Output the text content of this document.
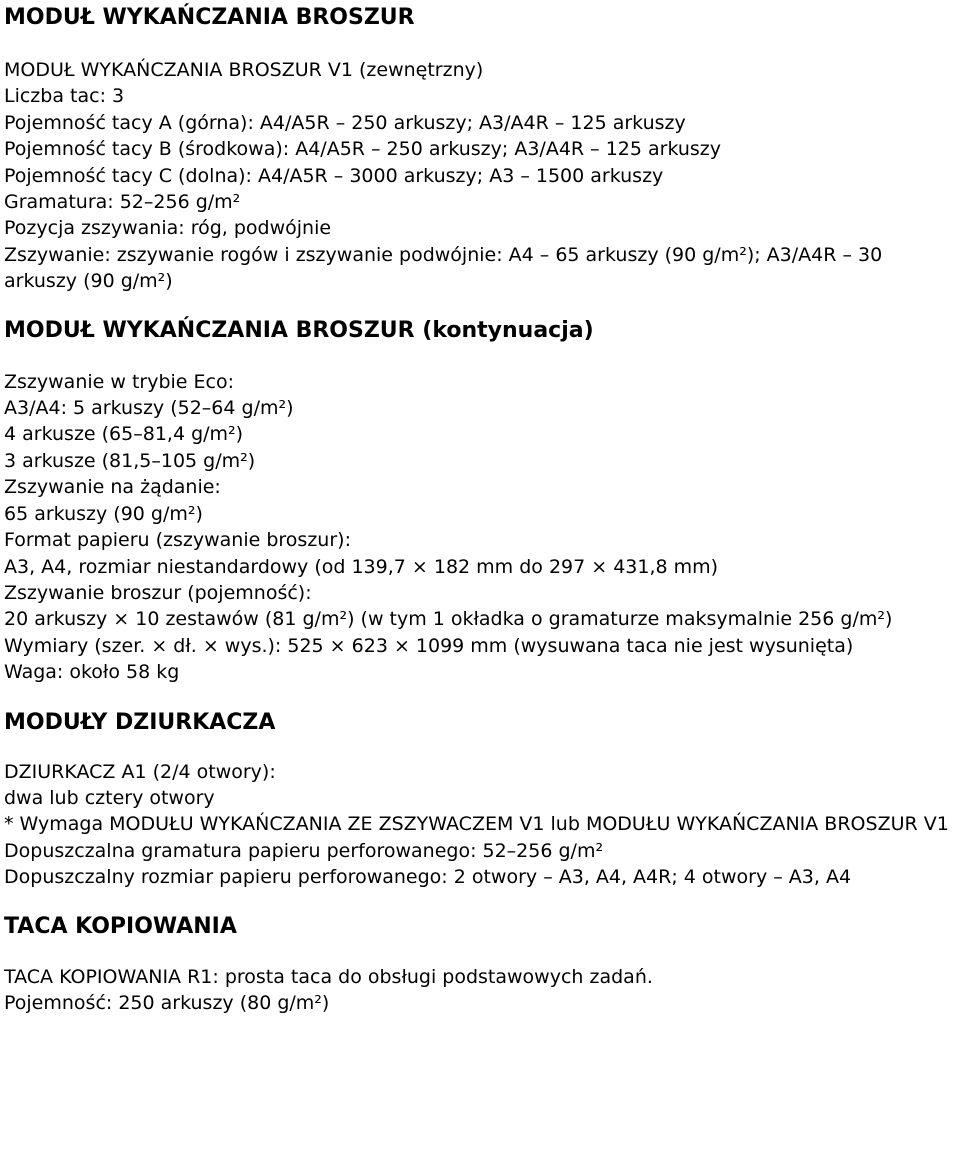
MODUŁ WYKAŃCZANIA BROSZUR

MODUŁ WYKAŃCZANIA BROSZUR V1 (zewnętrzny)

Liczba tac: 3

Pojemność tacy A (górna): A4/A5R – 250 arkuszy; A3/A4R – 125 arkuszy

Pojemność tacy B (środkowa): A4/A5R – 250 arkuszy; A3/A4R – 125 arkuszy

Pojemność tacy C (dolna): A4/A5R – 3000 arkuszy; A3 – 1500 arkuszy

Gramatura: 52–256 g/m²

Pozycja zszywania: róg, podwójnie

Zszywanie: zszywanie rogów i zszywanie podwójnie: A4 – 65 arkuszy (90 g/m²); A3/A4R – 30 arkuszy (90 g/m²)

MODUŁ WYKAŃCZANIA BROSZUR (kontynuacja)

Zszywanie w trybie Eco:

A3/A4: 5 arkuszy (52–64 g/m²)

4 arkusze (65–81,4 g/m²)

3 arkusze (81,5–105 g/m²)

Zszywanie na żądanie:

65 arkuszy (90 g/m²)

Format papieru (zszywanie broszur):

A3, A4, rozmiar niestandardowy (od 139,7 × 182 mm do 297 × 431,8 mm)

Zszywanie broszur (pojemność):

20 arkuszy × 10 zestawów (81 g/m²) (w tym 1 okładka o gramaturze maksymalnie 256 g/m²)

Wymiary (szer. × dł. × wys.): 525 × 623 × 1099 mm (wysuwana taca nie jest wysunięta)

Waga: około 58 kg

MODUŁY DZIURKACZA

DZIURKACZ A1 (2/4 otwory):

dwa lub cztery otwory

* Wymaga MODUŁU WYKAŃCZANIA ZE ZSZYWACZEM V1 lub MODUŁU WYKAŃCZANIA BROSZUR V1

Dopuszczalna gramatura papieru perforowanego: 52–256 g/m²

Dopuszczalny rozmiar papieru perforowanego: 2 otwory – A3, A4, A4R; 4 otwory – A3, A4

TACA KOPIOWANIA

TACA KOPIOWANIA R1: prosta taca do obsługi podstawowych zadań.

Pojemność: 250 arkuszy (80 g/m²)
